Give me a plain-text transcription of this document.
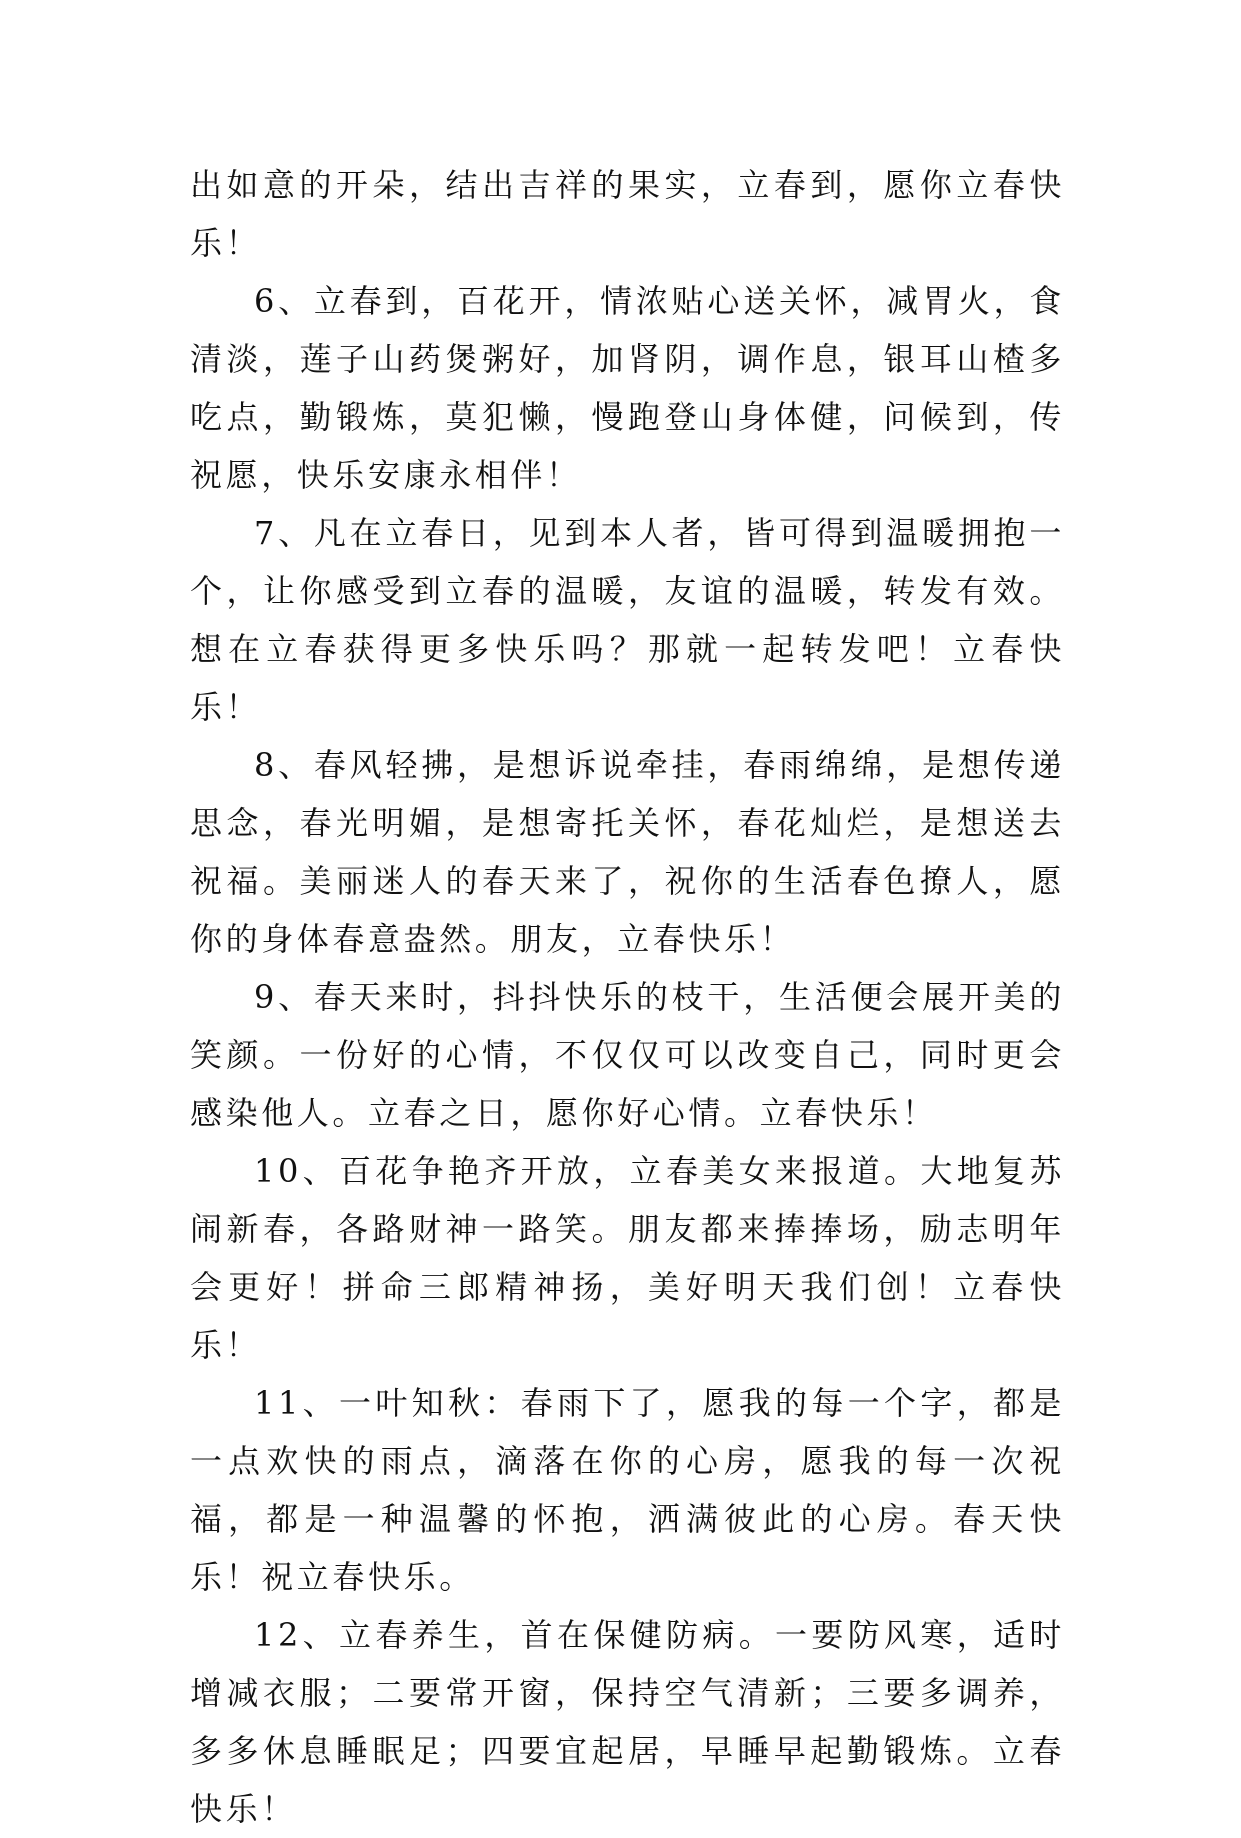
出如意的开朵，结出吉祥的果实，立春到，愿你立春快乐！

6、立春到，百花开，情浓贴心送关怀，减胃火，食清淡，莲子山药煲粥好，加肾阴，调作息，银耳山楂多吃点，勤锻炼，莫犯懒，慢跑登山身体健，问候到，传祝愿，快乐安康永相伴！

7、凡在立春日，见到本人者，皆可得到温暖拥抱一个，让你感受到立春的温暖，友谊的温暖，转发有效。想在立春获得更多快乐吗？那就一起转发吧！立春快乐！

8、春风轻拂，是想诉说牵挂，春雨绵绵，是想传递思念，春光明媚，是想寄托关怀，春花灿烂，是想送去祝福。美丽迷人的春天来了，祝你的生活春色撩人，愿你的身体春意盎然。朋友，立春快乐！

9、春天来时，抖抖快乐的枝干，生活便会展开美的笑颜。一份好的心情，不仅仅可以改变自己，同时更会感染他人。立春之日，愿你好心情。立春快乐！

10、百花争艳齐开放，立春美女来报道。大地复苏闹新春，各路财神一路笑。朋友都来捧捧场，励志明年会更好！拼命三郎精神扬，美好明天我们创！立春快乐！

11、一叶知秋：春雨下了，愿我的每一个字，都是一点欢快的雨点，滴落在你的心房，愿我的每一次祝福，都是一种温馨的怀抱，洒满彼此的心房。春天快乐！祝立春快乐。

12、立春养生，首在保健防病。一要防风寒，适时增减衣服；二要常开窗，保持空气清新；三要多调养，多多休息睡眠足；四要宜起居，早睡早起勤锻炼。立春快乐！
